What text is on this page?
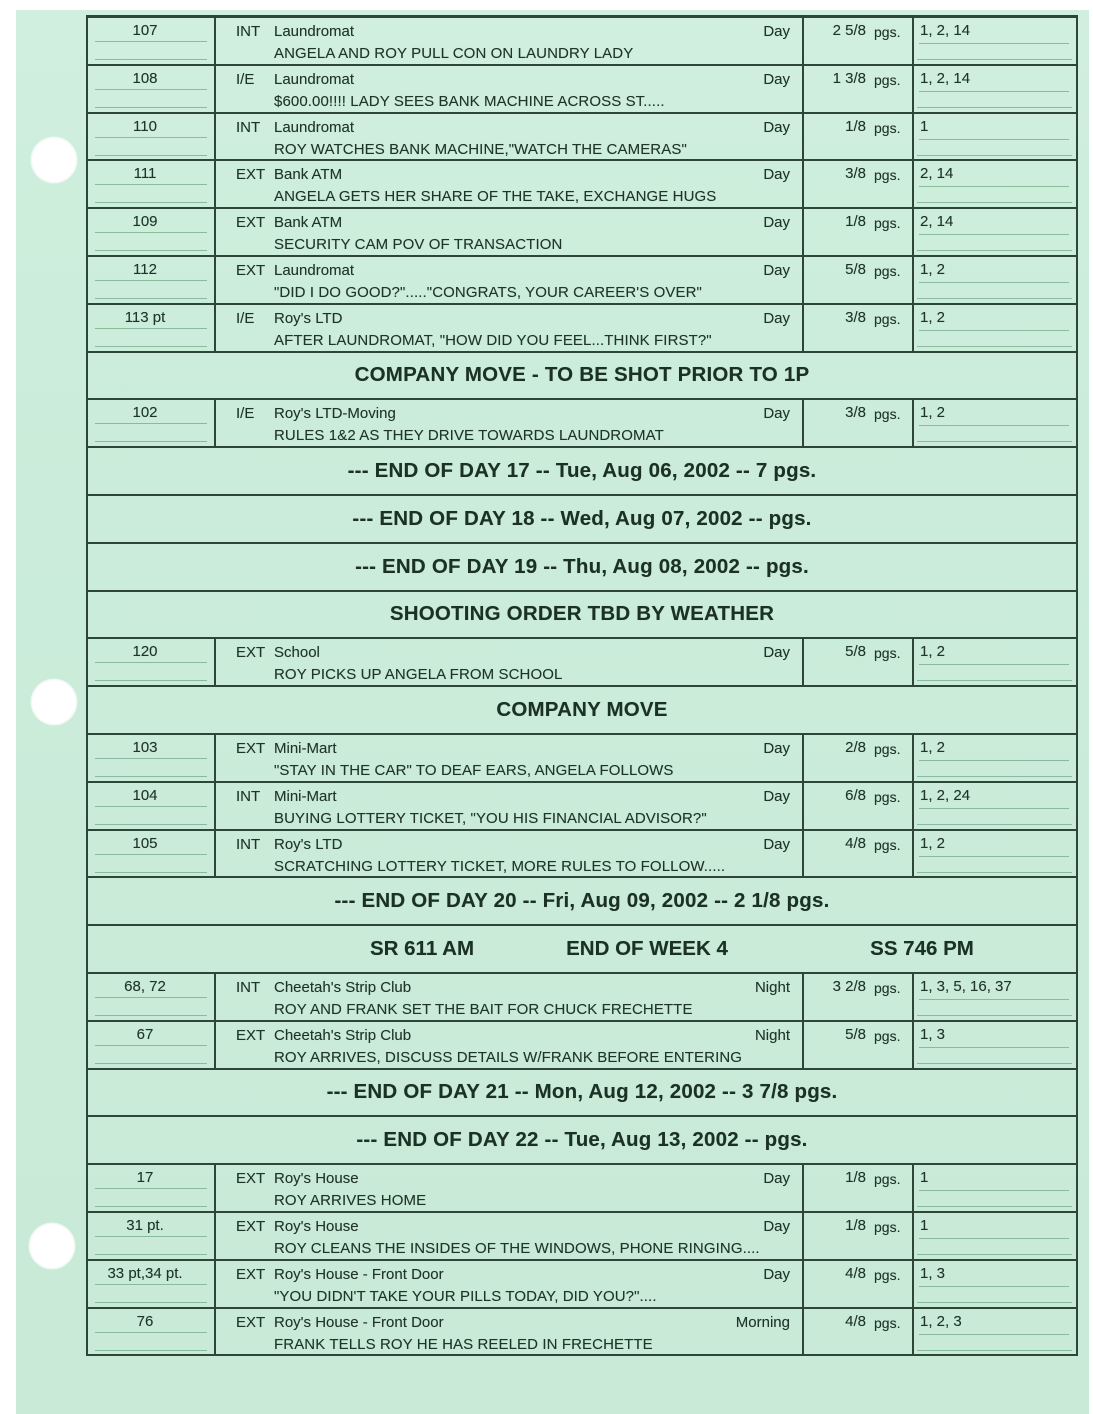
107	INT Laundromat
ANGELA AND ROY PULL CON ON LAUNDRY LADY
Day	2 5/8 pgs. 1, 2, 14
108	I/E Laundromat
$600.00!!!! LADY SEES BANK MACHINE ACROSS ST.....
Day	1 3/8 pgs. 1, 2, 14
110	INT Laundromat
ROY WATCHES BANK MACHINE,"WATCH THE CAMERAS"
Day	1/8 pgs. 1
111	EXT Bank ATM
ANGELA GETS HER SHARE OF THE TAKE, EXCHANGE HUGS
Day	3/8 pgs. 2, 14
109	EXT Bank ATM
SECURITY CAM POV OF TRANSACTION
Day	1/8 pgs. 2, 14
112	EXT Laundromat
"DID I DO GOOD?"....."CONGRATS, YOUR CAREER'S OVER"
Day	5/8 pgs. 1, 2
113 pt	I/E Roy's LTD
AFTER LAUNDROMAT, "HOW DID YOU FEEL...THINK FIRST?"
Day	3/8 pgs. 1, 2
COMPANY MOVE - TO BE SHOT PRIOR TO 1P
102	I/E Roy's LTD-Moving
RULES 1&2 AS THEY DRIVE TOWARDS LAUNDROMAT
Day	3/8 pgs. 1, 2
--- END OF DAY 17 -- Tue, Aug 06, 2002 -- 7 pgs.
--- END OF DAY 18 -- Wed, Aug 07, 2002 -- pgs.
--- END OF DAY 19 -- Thu, Aug 08, 2002 -- pgs.
SHOOTING ORDER TBD BY WEATHER
120	EXT School
ROY PICKS UP ANGELA FROM SCHOOL
Day	5/8 pgs. 1, 2
COMPANY MOVE
103	EXT Mini-Mart
"STAY IN THE CAR" TO DEAF EARS, ANGELA FOLLOWS
Day	2/8 pgs. 1, 2
104	INT Mini-Mart
BUYING LOTTERY TICKET, "YOU HIS FINANCIAL ADVISOR?"
Day	6/8 pgs. 1, 2, 24
105	INT Roy's LTD
SCRATCHING LOTTERY TICKET, MORE RULES TO FOLLOW.....
Day	4/8 pgs. 1, 2
--- END OF DAY 20 -- Fri, Aug 09, 2002 -- 2 1/8 pgs.
SR 611 AM	END OF WEEK 4	SS 746 PM
68, 72	INT Cheetah's Strip Club
ROY AND FRANK SET THE BAIT FOR CHUCK FRECHETTE
Night	3 2/8 pgs. 1, 3, 5, 16, 37
67	EXT Cheetah's Strip Club
ROY ARRIVES, DISCUSS DETAILS W/FRANK BEFORE ENTERING
Night	5/8 pgs. 1, 3
--- END OF DAY 21 -- Mon, Aug 12, 2002 -- 3 7/8 pgs.
--- END OF DAY 22 -- Tue, Aug 13, 2002 -- pgs.
17	EXT Roy's House
ROY ARRIVES HOME
Day	1/8 pgs. 1
31 pt.	EXT Roy's House
ROY CLEANS THE INSIDES OF THE WINDOWS, PHONE RINGING....
Day	1/8 pgs. 1
33 pt,34 pt.	EXT Roy's House - Front Door
"YOU DIDN'T TAKE YOUR PILLS TODAY, DID YOU?"....
Day	4/8 pgs. 1, 3
76	EXT Roy's House - Front Door
FRANK TELLS ROY HE HAS REELED IN FRECHETTE
Morning	4/8 pgs. 1, 2, 3
